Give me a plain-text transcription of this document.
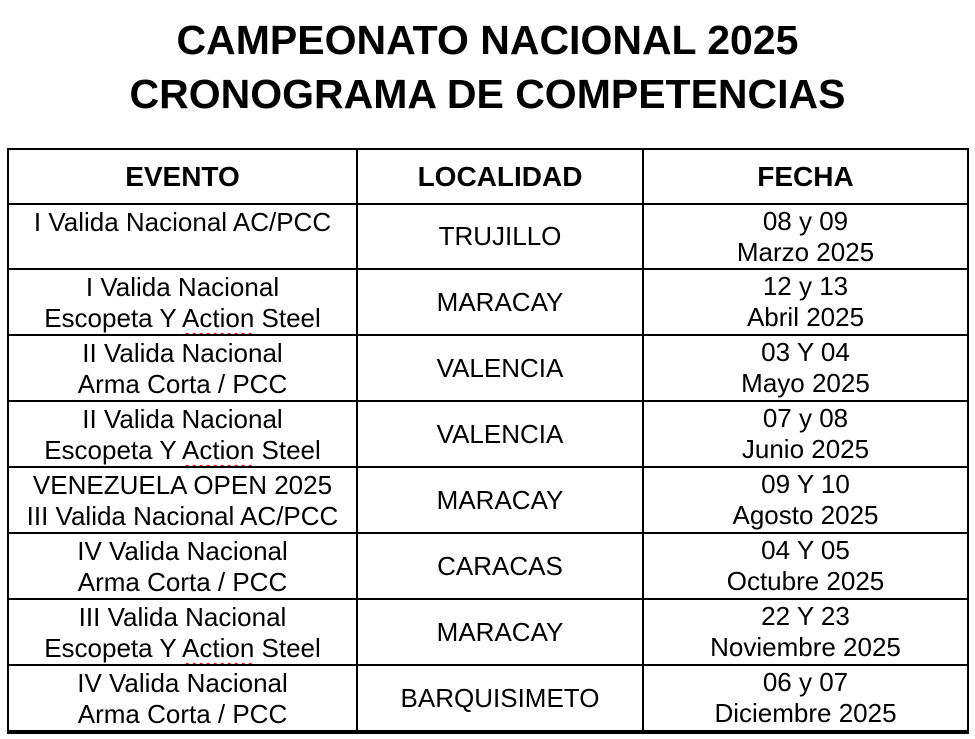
CAMPEONATO NACIONAL 2025
CRONOGRAMA DE COMPETENCIAS
EVENTO	LOCALIDAD	FECHA
I Valida Nacional AC/PCC	TRUJILLO	08 y 09
Marzo 2025
I Valida Nacional
Escopeta Y Action Steel	MARACAY	12 y 13
Abril 2025
II Valida Nacional
Arma Corta / PCC	VALENCIA	03 Y 04
Mayo 2025
II Valida Nacional
Escopeta Y Action Steel	VALENCIA	07 y 08
Junio 2025
VENEZUELA OPEN 2025
III Valida Nacional AC/PCC	MARACAY	09 Y 10
Agosto 2025
IV Valida Nacional
Arma Corta / PCC	CARACAS	04 Y 05
Octubre 2025
III Valida Nacional
Escopeta Y Action Steel	MARACAY	22 Y 23
Noviembre 2025
IV Valida Nacional
Arma Corta / PCC	BARQUISIMETO	06 y 07
Diciembre 2025
